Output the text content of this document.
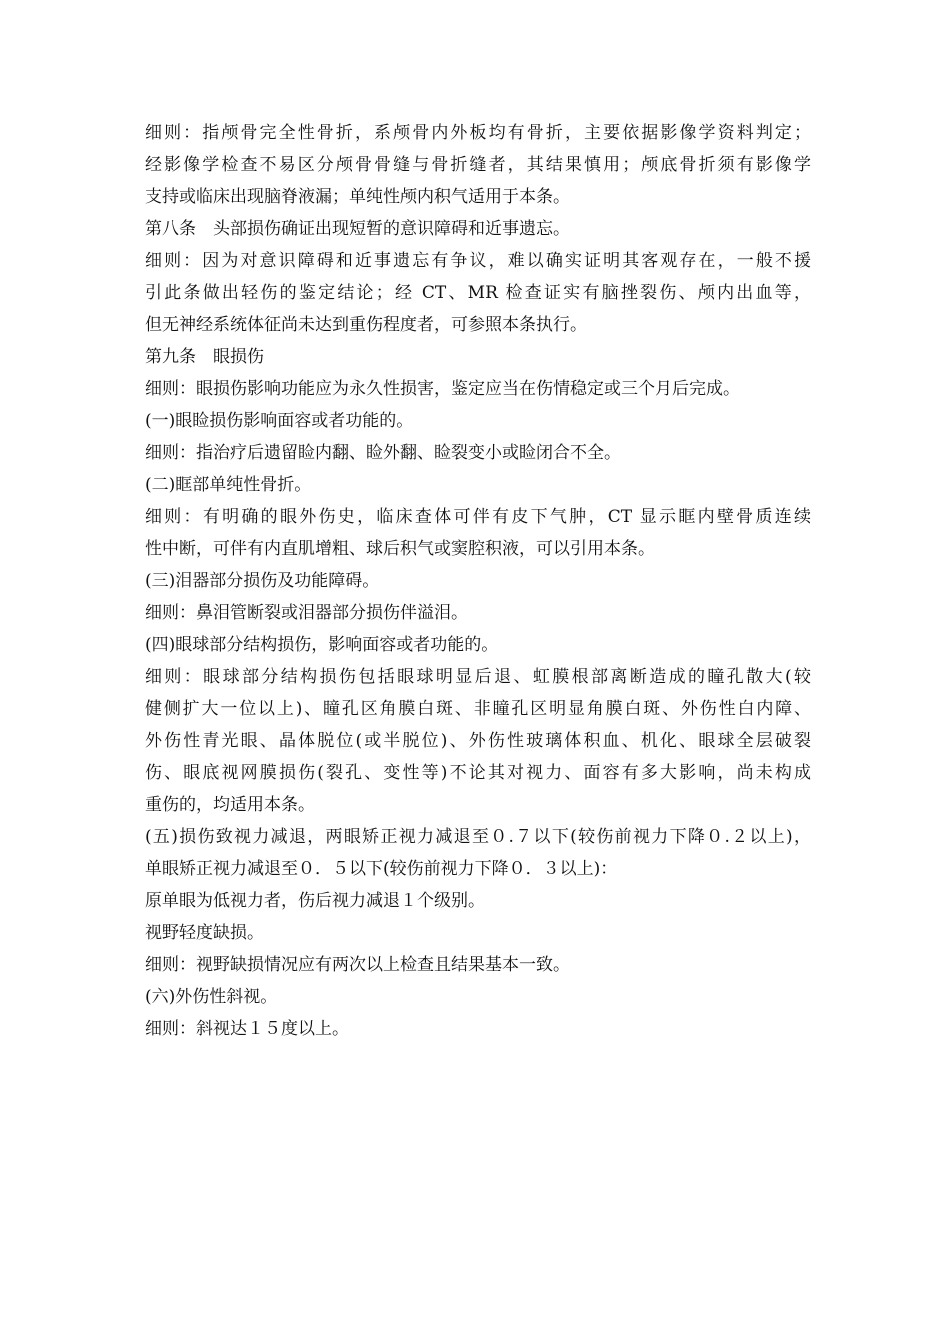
细则：指颅骨完全性骨折，系颅骨内外板均有骨折，主要依据影像学资料判定；
经影像学检查不易区分颅骨骨缝与骨折缝者，其结果慎用；颅底骨折须有影像学
支持或临床出现脑脊液漏；单纯性颅内积气适用于本条。
第八条　头部损伤确证出现短暂的意识障碍和近事遗忘。
细则：因为对意识障碍和近事遗忘有争议，难以确实证明其客观存在，一般不援
引此条做出轻伤的鉴定结论；经 CT、MR 检查证实有脑挫裂伤、颅内出血等，
但无神经系统体征尚未达到重伤程度者，可参照本条执行。
第九条　眼损伤
细则：眼损伤影响功能应为永久性损害，鉴定应当在伤情稳定或三个月后完成。
(一)眼睑损伤影响面容或者功能的。
细则：指治疗后遗留睑内翻、睑外翻、睑裂变小或睑闭合不全。
(二)眶部单纯性骨折。
细则：有明确的眼外伤史，临床查体可伴有皮下气肿，CT 显示眶内壁骨质连续
性中断，可伴有内直肌增粗、球后积气或窦腔积液，可以引用本条。
(三)泪器部分损伤及功能障碍。
细则：鼻泪管断裂或泪器部分损伤伴溢泪。
(四)眼球部分结构损伤，影响面容或者功能的。
细则：眼球部分结构损伤包括眼球明显后退、虹膜根部离断造成的瞳孔散大(较
健侧扩大一位以上)、瞳孔区角膜白斑、非瞳孔区明显角膜白斑、外伤性白内障、
外伤性青光眼、晶体脱位(或半脱位)、外伤性玻璃体积血、机化、眼球全层破裂
伤、眼底视网膜损伤(裂孔、变性等)不论其对视力、面容有多大影响，尚未构成
重伤的，均适用本条。
(五)损伤致视力减退，两眼矫正视力减退至０.７以下(较伤前视力下降０.２以上)，
单眼矫正视力减退至０．５以下(较伤前视力下降０．３以上)：
原单眼为低视力者，伤后视力减退１个级别。
视野轻度缺损。
细则：视野缺损情况应有两次以上检查且结果基本一致。
(六)外伤性斜视。
细则：斜视达１５度以上。
